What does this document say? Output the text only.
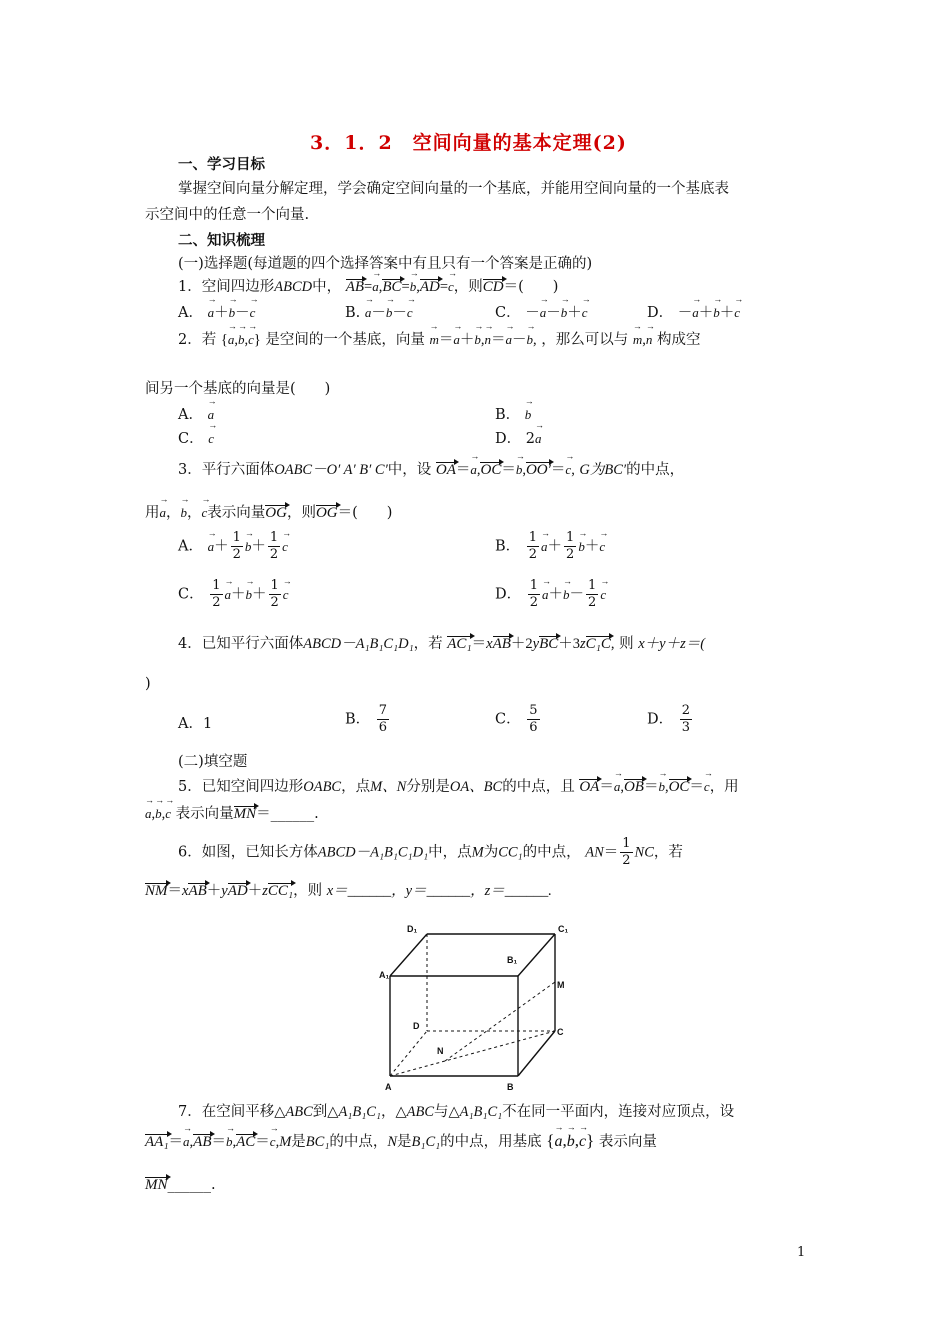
3．1．2　空间向量的基本定理(2)
一、学习目标
掌握空间向量分解定理，学会确定空间向量的一个基底，并能用空间向量的一个基底表
示空间中的任意一个向量.
二、知识梳理
(一)选择题(每道题的四个选择答案中有且只有一个答案是正确的)
1．空间四边形ABCD中， AB=→ a,BC=→ b,AD=→ c，则CD＝(　　)
A． → a＋→ b－→ c	B. → a－→ b－→ c	C． －→ a－→ b＋→ c	D． －→ a＋→ b＋→ c
2．若 {→ a,→ b,→ c} 是空间的一个基底，向量 → m＝→ a＋→ b,→ n＝→ a－→ b, ，那么可以与 → m,→ n 构成空
间另一个基底的向量是(　　)
A． → a	B． → b
C． → c	D． 2→ a
3．平行六面体OABC－O′ A′ B′ C′中，设 OA＝→ a,OC＝→ b,OO′＝→ c, G为BC′的中点，
用→ a，→ b，→ c表示向量OG，则OG＝(　　)
A． → $a+ \frac{1}{2}$
→ $b+ \frac{1}{2}$
→ c	B． $\frac{1}{2}$
→ $a+ \frac{1}{2}$
→ b＋→ c
C． $\frac{1}{2}$
→ $a+\to b+ \frac{1}{2}$
→ c	D． $\frac{1}{2}$
→ $a+\to b- \frac{1}{2}$
→ c
4．已知平行六面体ABCD－A₁B₁C₁D₁，若 AC₁＝xAB＋2yBC＋3zC₁C, 则 x＋y＋z＝(
)
A．1	B． $\frac{7}{6}$	C． $\frac{5}{6}$	D． $\frac{2}{3}$
(二)填空题
5．已知空间四边形OABC，点M、N分别是OA、BC的中点，且 OA＝→ a,OB＝→ b,OC＝→ c，用
→ a,→ b,→ c 表示向量MN＝______.
6．如图，已知长方体ABCD－A₁B₁C₁D₁中，点M为CC₁的中点， $AN= \frac{1}{2}$ NC，若
NM＝xAB＋yAD＋zCC₁，则 x＝______，y＝______，z＝______.
D₁	C₁
A₁
B₁
M
D
C
N
A	B
7．在空间平移△ABC到△A₁B₁C₁，△ABC与△A₁B₁C₁不在同一平面内，连接对应顶点，设
AA₁＝→ a,AB＝→ b,AC＝→ c,M是BC₁的中点，N是B₁C₁的中点，用基底 {→ a,→ b,→ c} 表示向量
MN______.
1
